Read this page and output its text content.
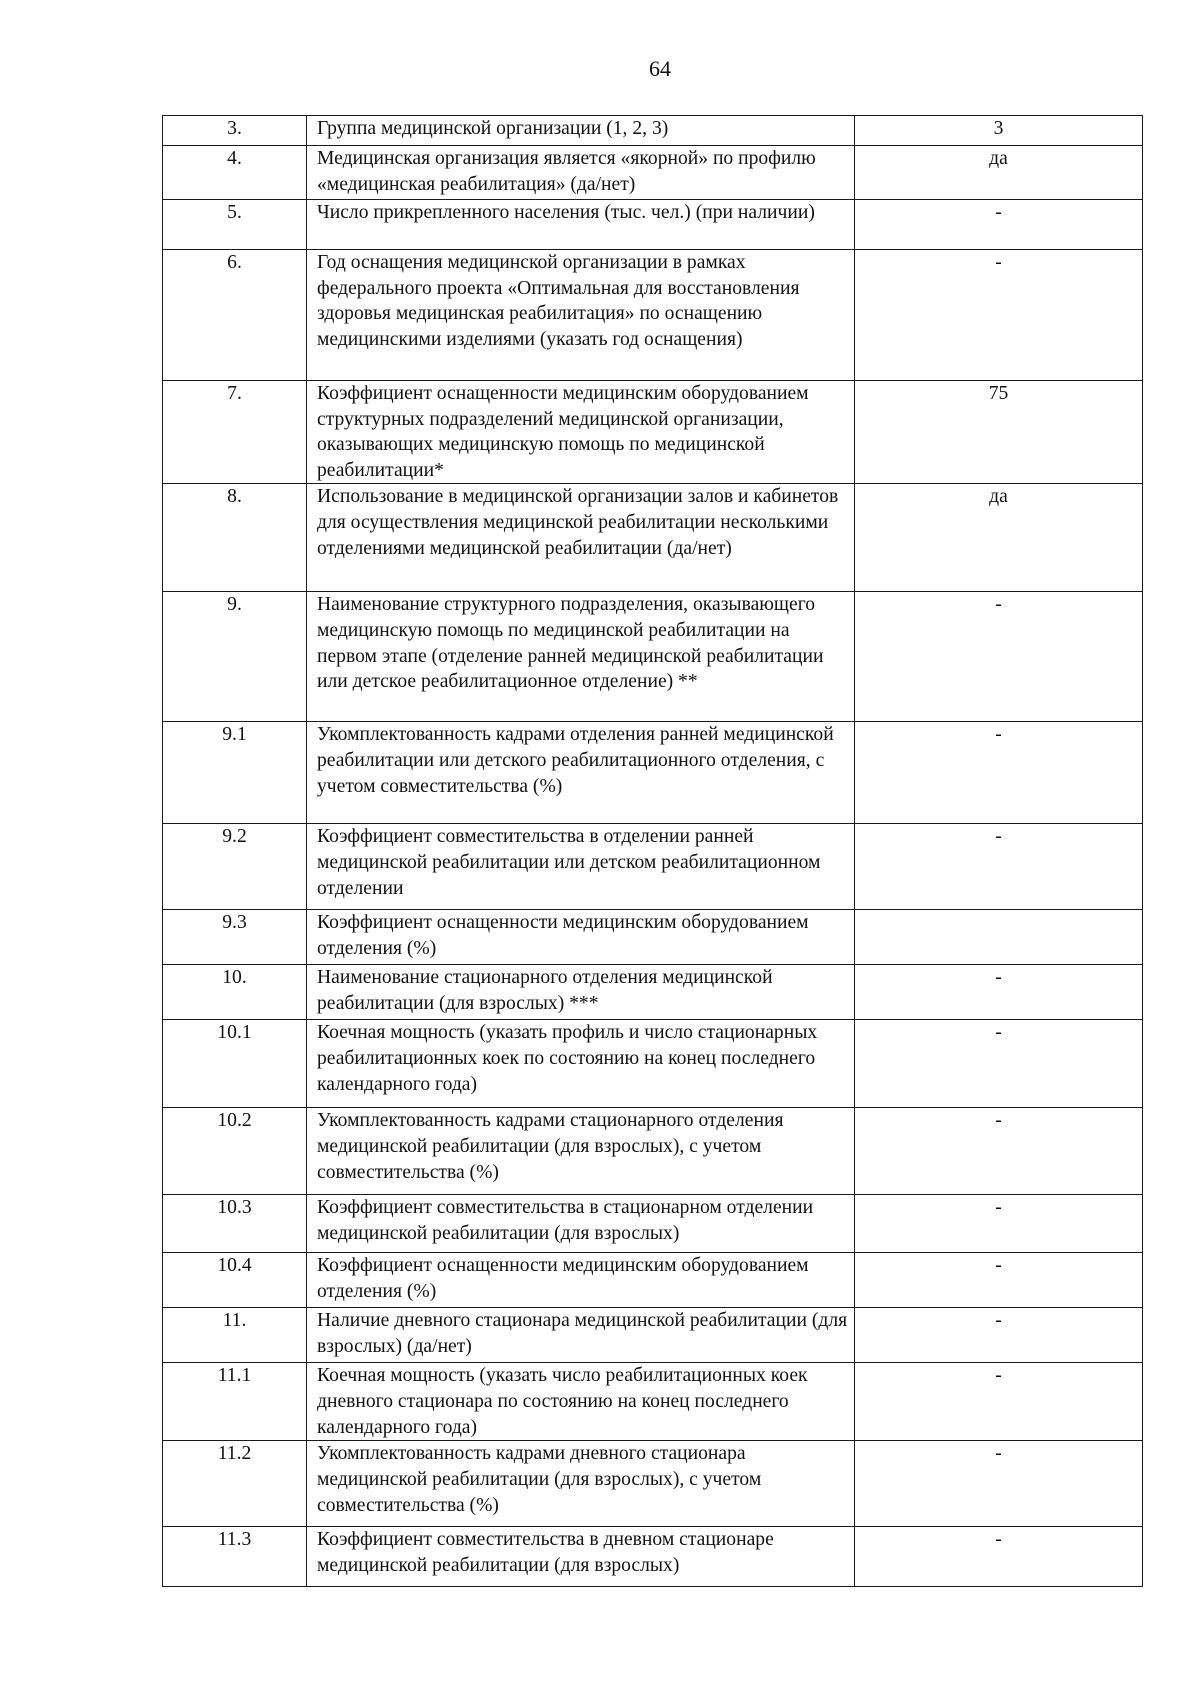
64
3.	Группа медицинской организации (1, 2, 3)	3
4.	Медицинская организация является «якорной» по профилю «медицинская реабилитация» (да/нет)	да
5.	Число прикрепленного населения (тыс. чел.) (при наличии)	-
6.	Год оснащения медицинской организации в рамках федерального проекта «Оптимальная для восстановления здоровья медицинская реабилитация» по оснащению медицинскими изделиями (указать год оснащения)	-
7.	Коэффициент оснащенности медицинским оборудованием структурных подразделений медицинской организации, оказывающих медицинскую помощь по медицинской реабилитации*	75
8.	Использование в медицинской организации залов и кабинетов для осуществления медицинской реабилитации несколькими отделениями медицинской реабилитации (да/нет)	да
9.	Наименование структурного подразделения, оказывающего медицинскую помощь по медицинской реабилитации на первом этапе (отделение ранней медицинской реабилитации или детское реабилитационное отделение) **	-
9.1	Укомплектованность кадрами отделения ранней медицинской реабилитации или детского реабилитационного отделения, с учетом совместительства (%)	-
9.2	Коэффициент совместительства в отделении ранней медицинской реабилитации или детском реабилитационном отделении	-
9.3	Коэффициент оснащенности медицинским оборудованием отделения (%)	
10.	Наименование стационарного отделения медицинской реабилитации (для взрослых) ***	-
10.1	Коечная мощность (указать профиль и число стационарных реабилитационных коек по состоянию на конец последнего календарного года)	-
10.2	Укомплектованность кадрами стационарного отделения медицинской реабилитации (для взрослых), с учетом совместительства (%)	-
10.3	Коэффициент совместительства в стационарном отделении медицинской реабилитации (для взрослых)	-
10.4	Коэффициент оснащенности медицинским оборудованием отделения (%)	-
11.	Наличие дневного стационара медицинской реабилитации (для взрослых) (да/нет)	-
11.1	Коечная мощность (указать число реабилитационных коек дневного стационара по состоянию на конец последнего календарного года)	-
11.2	Укомплектованность кадрами дневного стационара медицинской реабилитации (для взрослых), с учетом совместительства (%)	-
11.3	Коэффициент совместительства в дневном стационаре медицинской реабилитации (для взрослых)	-
